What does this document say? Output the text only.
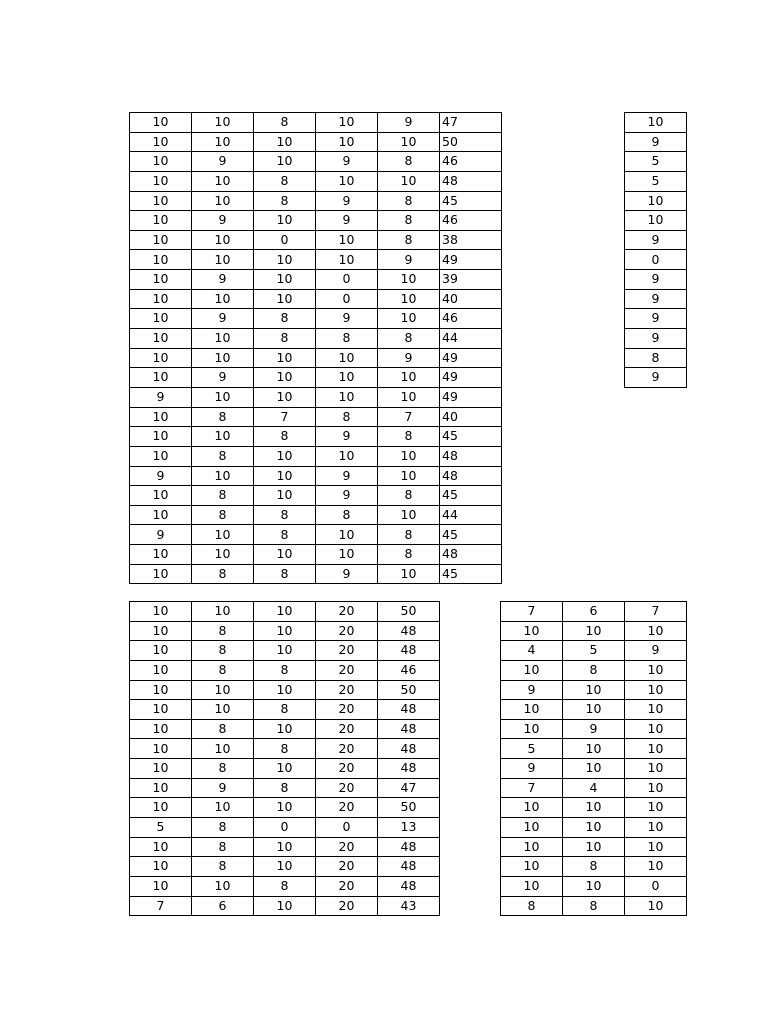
10	10	8	10	9	47
10	10	10	10	10	50
10	9	10	9	8	46
10	10	8	10	10	48
10	10	8	9	8	45
10	9	10	9	8	46
10	10	0	10	8	38
10	10	10	10	9	49
10	9	10	0	10	39
10	10	10	0	10	40
10	9	8	9	10	46
10	10	8	8	8	44
10	10	10	10	9	49
10	9	10	10	10	49
9	10	10	10	10	49
10	8	7	8	7	40
10	10	8	9	8	45
10	8	10	10	10	48
9	10	10	9	10	48
10	8	10	9	8	45
10	8	8	8	10	44
9	10	8	10	8	45
10	10	10	10	8	48
10	8	8	9	10	45
10
9
5
5
10
10
9
0
9
9
9
9
8
9
10	10	10	20	50
10	8	10	20	48
10	8	10	20	48
10	8	8	20	46
10	10	10	20	50
10	10	8	20	48
10	8	10	20	48
10	10	8	20	48
10	8	10	20	48
10	9	8	20	47
10	10	10	20	50
5	8	0	0	13
10	8	10	20	48
10	8	10	20	48
10	10	8	20	48
7	6	10	20	43
7	6	7
10	10	10
4	5	9
10	8	10
9	10	10
10	10	10
10	9	10
5	10	10
9	10	10
7	4	10
10	10	10
10	10	10
10	10	10
10	8	10
10	10	0
8	8	10
